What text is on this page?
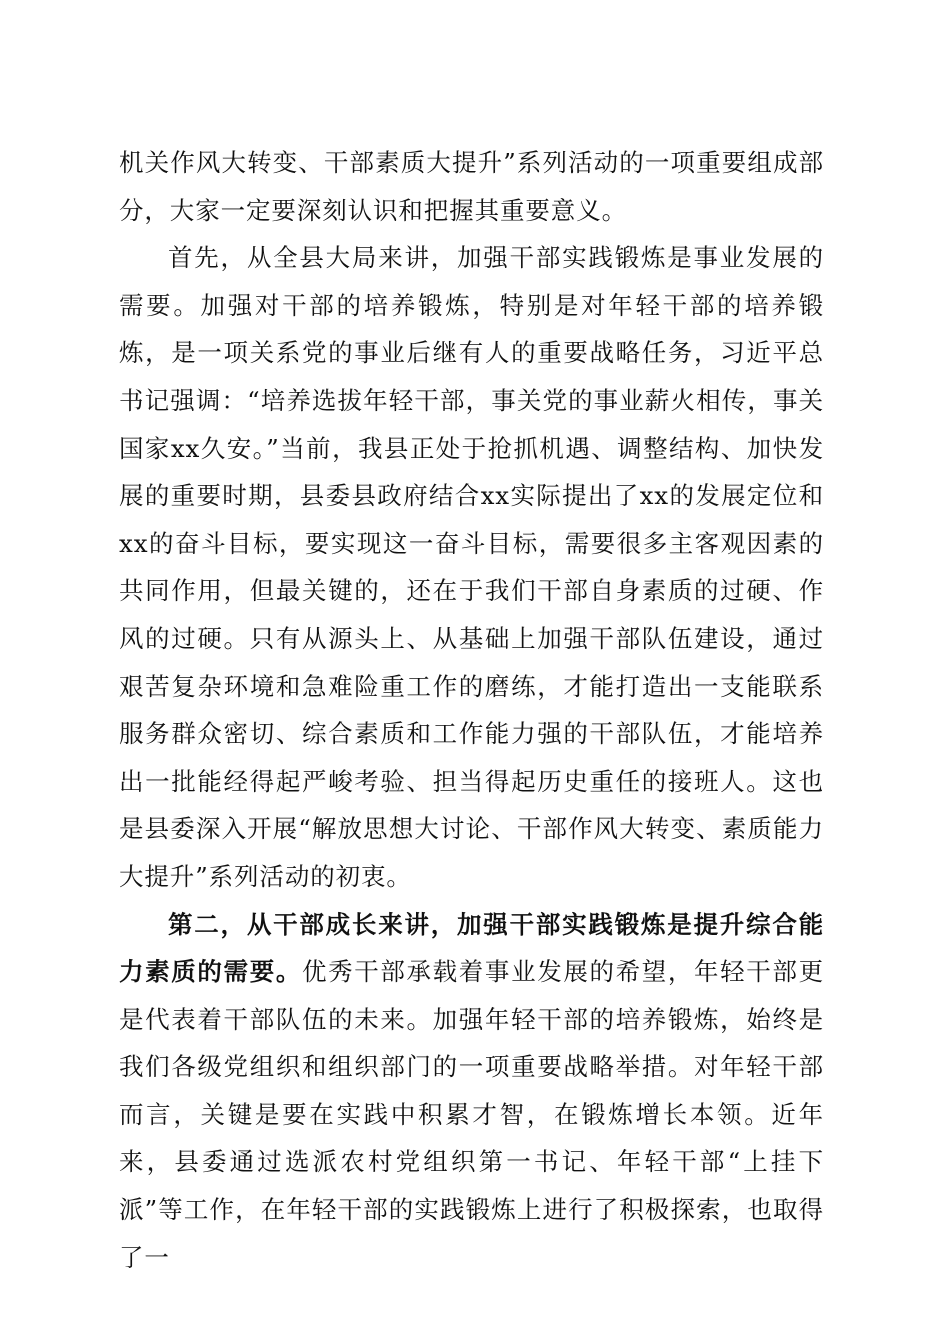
机关作风大转变、干部素质大提升”系列活动的一项重要组成部分，大家一定要深刻认识和把握其重要意义。

首先，从全县大局来讲，加强干部实践锻炼是事业发展的需要。加强对干部的培养锻炼，特别是对年轻干部的培养锻炼，是一项关系党的事业后继有人的重要战略任务，习近平总书记强调：“培养选拔年轻干部，事关党的事业薪火相传，事关国家xx久安。”当前，我县正处于抢抓机遇、调整结构、加快发展的重要时期，县委县政府结合xx实际提出了xx的发展定位和xx的奋斗目标，要实现这一奋斗目标，需要很多主客观因素的共同作用，但最关键的，还在于我们干部自身素质的过硬、作风的过硬。只有从源头上、从基础上加强干部队伍建设，通过艰苦复杂环境和急难险重工作的磨练，才能打造出一支能联系服务群众密切、综合素质和工作能力强的干部队伍，才能培养出一批能经得起严峻考验、担当得起历史重任的接班人。这也是县委深入开展“解放思想大讨论、干部作风大转变、素质能力大提升”系列活动的初衷。

第二，从干部成长来讲，加强干部实践锻炼是提升综合能力素质的需要。优秀干部承载着事业发展的希望，年轻干部更是代表着干部队伍的未来。加强年轻干部的培养锻炼，始终是我们各级党组织和组织部门的一项重要战略举措。对年轻干部而言，关键是要在实践中积累才智，在锻炼增长本领。近年来，县委通过选派农村党组织第一书记、年轻干部“上挂下派”等工作，在年轻干部的实践锻炼上进行了积极探索，也取得了一
